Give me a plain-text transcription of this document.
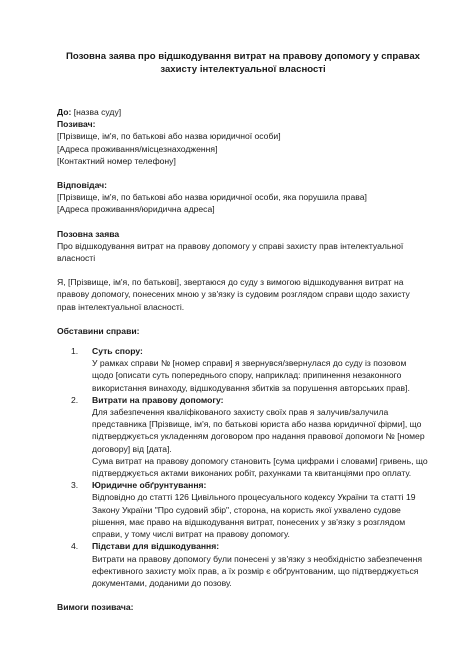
Позовна заява про відшкодування витрат на правову допомогу у справах захисту інтелектуальної власності
До: [назва суду]
Позивач:
[Прізвище, ім'я, по батькові або назва юридичної особи]
[Адреса проживання/місцезнаходження]
[Контактний номер телефону]
Відповідач:
[Прізвище, ім'я, по батькові або назва юридичної особи, яка порушила права]
[Адреса проживання/юридична адреса]
Позовна заява
Про відшкодування витрат на правову допомогу у справі захисту прав інтелектуальної власності
Я, [Прізвище, ім'я, по батькові], звертаюся до суду з вимогою відшкодування витрат на правову допомогу, понесених мною у зв'язку із судовим розглядом справи щодо захисту прав інтелектуальної власності.
Обставини справи:
1. Суть спору:
У рамках справи № [номер справи] я звернувся/звернулася до суду із позовом щодо [описати суть попереднього спору, наприклад: припинення незаконного використання винаходу, відшкодування збитків за порушення авторських прав].
2. Витрати на правову допомогу:
Для забезпечення кваліфікованого захисту своїх прав я залучив/залучила представника [Прізвище, ім'я, по батькові юриста або назва юридичної фірми], що підтверджується укладенням договором про надання правової допомоги № [номер договору] від [дата].
Сума витрат на правову допомогу становить [сума цифрами і словами] гривень, що підтверджується актами виконаних робіт, рахунками та квитанціями про оплату.
3. Юридичне обґрунтування:
Відповідно до статті 126 Цивільного процесуального кодексу України та статті 19 Закону України "Про судовий збір", сторона, на користь якої ухвалено судове рішення, має право на відшкодування витрат, понесених у зв'язку з розглядом справи, у тому числі витрат на правову допомогу.
4. Підстави для відшкодування:
Витрати на правову допомогу були понесені у зв'язку з необхідністю забезпечення ефективного захисту моїх прав, а їх розмір є обґрунтованим, що підтверджується документами, доданими до позову.
Вимоги позивача:
